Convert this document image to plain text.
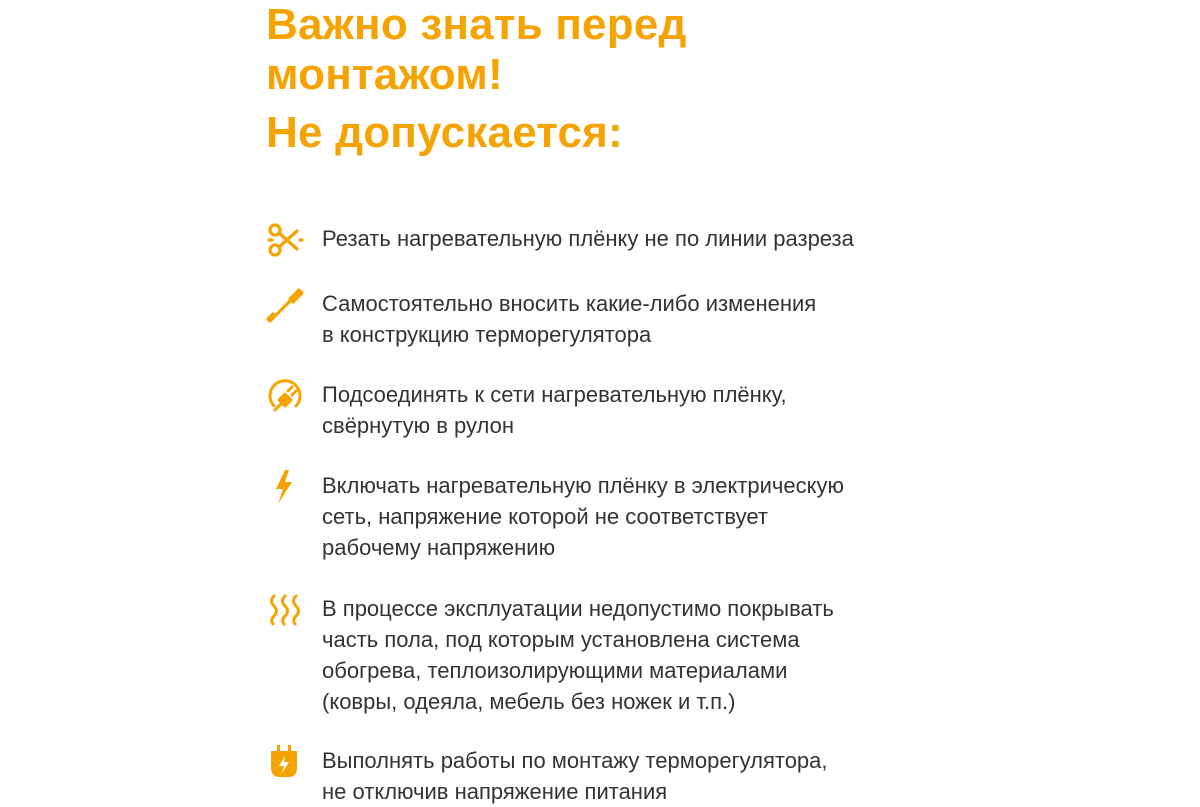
Важно знать перед монтажом!
Не допускается:
Резать нагревательную плёнку не по линии разреза
Самостоятельно вносить какие-либо изменения
в конструкцию терморегулятора
Подсоединять к сети нагревательную плёнку,
свёрнутую в рулон
Включать нагревательную плёнку в электрическую
сеть, напряжение которой не соответствует
рабочему напряжению
В процессе эксплуатации недопустимо покрывать
часть пола, под которым установлена система
обогрева, теплоизолирующими материалами
(ковры, одеяла, мебель без ножек и т.п.)
Выполнять работы по монтажу терморегулятора,
не отключив напряжение питания
